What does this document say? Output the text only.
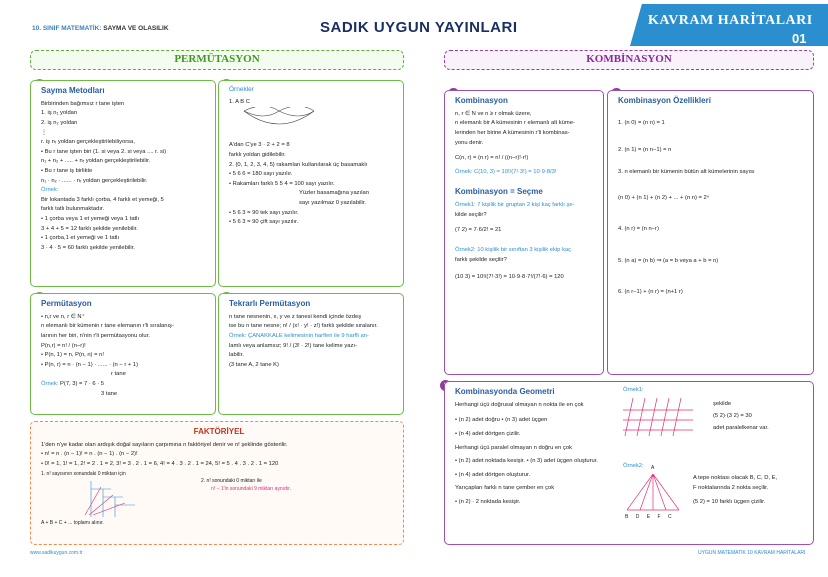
10. SINIF MATEMATİK: SAYMA VE OLASILIK	SADIK UYGUN YAYINLARI	KAVRAM HARİTALARI
01
PERMÜTASYON	KOMBİNASYON
Sayma Metodları
Birbirinden bağımsız r tane işten
1. iş n₁ yoldan
2. iş n₂ yoldan
⋮
r. iş nᵣ yoldan gerçekleştirilebiliyorsa,
• Bu r tane işten biri (1. si veya 2. si veya .... r. si)
n₁ + n₂ + ..... + nᵣ yoldan gerçekleştirilebilir.
• Bu r tane iş birlikte
n₁ · n₂ · ...... · nᵣ yoldan gerçekleştirilebilir.
Örnek:
Bir lokantada 3 farklı çorba, 4 farklı et yemeği, 5
farklı tatlı bulunmaktadır.
• 1 çorba veya 1 et yemeği veya 1 tatlı
3 + 4 + 5 = 12 farklı şekilde yenilebilir.
• 1 çorba,1 et yemeği ve 1 tatlı
3 · 4 · 5 = 60 farklı şekilde yenilebilir.
Örnekler
1. A B C
A'dan C'ye 3 · 2 + 2 = 8
farklı yoldan gidilebilir.
2. {0, 1, 2, 3, 4, 5} rakamları kullanılarak üç basamaklı
• 5 6 6 = 180 sayı yazılır.
• Rakamları farklı 5 5 4 = 100 sayı yazılır.
Yüzler basamağına yazılan
sayı yazılmaz 0 yazılabilir.
• 5 6 3 = 90 tek sayı yazılır.
• 5 6 3 = 90 çift sayı yazılır.
Permütasyon
• n,r ve n, r ∈ N⁺
n elemanlı bir kümenin r tane elemanın r'li sıralanış-
larının her biri, n'nin r'li permütasyonu olur.
P(n,r) = n! / (n−r)!
• P(n, 1) = n, P(n, n) = n!
• P(n, r) = n · (n − 1) · ...... · (n − r + 1)
r tane
Örnek: P(7, 3) = 7 · 6 · 5
3 tane
Tekrarlı Permütasyon
n tane nesnenin, x, y ve z tanesi kendi içinde özdeş
ise bu n tane nesne; n! / (x! · y! · z!) farklı şekilde sıralanır.
Örnek: ÇANAKKALE kelimesinin harfleri ile 9 harfli an-
lamlı veya anlamsız; 9! / (3! · 2!) tane kelime yazı-
labilir.
(3 tane A, 2 tane K)
FAKTÖRİYEL
1'den n'ye kadar olan ardışık doğal sayıların çarpımına n faktöriyel denir ve n! şeklinde gösterilir.
• n! = n . (n − 1)! = n . (n − 1) . (n − 2)!
• 0! = 1, 1! = 1, 2! = 2 . 1 = 2, 3! = 3 . 2 . 1 = 6, 4! = 4 . 3 . 2 . 1 = 24, 5! = 5 . 4 . 3 . 2 . 1 = 120
1. n! sayısının sonundaki 0 miktarı için
A + B + C + ... toplamı alınır.
2. n! sonundaki 0 miktarı ile
n! − 1'in sonundaki 9 miktarı aynıdır.
Kombinasyon
n, r ∈ N ve n ≥ r olmak üzere,
n elemanlı bir A kümesinin r elemanlı alt küme-
lerinden her birine A kümesinin r'li kombinas-
yonu denir.
C(n, r) = (n r) = n! / ((n−r)!·r!)
Örnek: C(10, 3) = 10!/(7!·3!) = 10·9·8/3!
Kombinasyon = Seçme
Örnek1: 7 kişilik bir gruptan 2 kişi kaç farklı şe-
kilde seçilir?
(7 2) = 7·6/2! = 21
Örnek2: 10 kişilik bir sınıftan 3 kişilik ekip kaç
farklı şekilde seçilir?
(10 3) = 10!/(7!·3!) = 10·9·8·7!/(7!·6) = 120
Kombinasyon Özellikleri
1. (n 0) = (n n) = 1
2. (n 1) = (n n−1) = n
3. n elemanlı bir kümenin bütün alt kümelerinin sayısı
(n 0) + (n 1) + (n 2) + ... + (n n) = 2ⁿ
4. (n r) = (n n−r)
5. (n a) = (n b) ⇒ (a = b veya a + b = n)
6. (n r−1) + (n r) = (n+1 r)
Kombinasyonda Geometri
Herhangi üçü doğrusal olmayan n nokta ile en çok
• (n 2) adet doğru • (n 3) adet üçgen
• (n 4) adet dörtgen çizilir.
Herhangi üçü paralel olmayan n doğru en çok
• (n 2) adet noktada kesişir. • (n 3) adet üçgen oluşturur.
• (n 4) adet dörtgen oluşturur.
Yarıçapları farklı n tane çember en çok
• (n 2) · 2 noktada kesişir.
Örnek1:
şekilde
(5 2)·(3 2) = 30
adet paralelkenar var.
Örnek2: A
B D E F C
A tepe noktası olacak B, C, D, E,
F noktalarında 2 nokta seçilir.
(5 2) = 10 farklı üçgen çizilir.
www.sadikuygun.com.tr	UYGUN MATEMATİK 10 KAVRAM HARİTALARI
